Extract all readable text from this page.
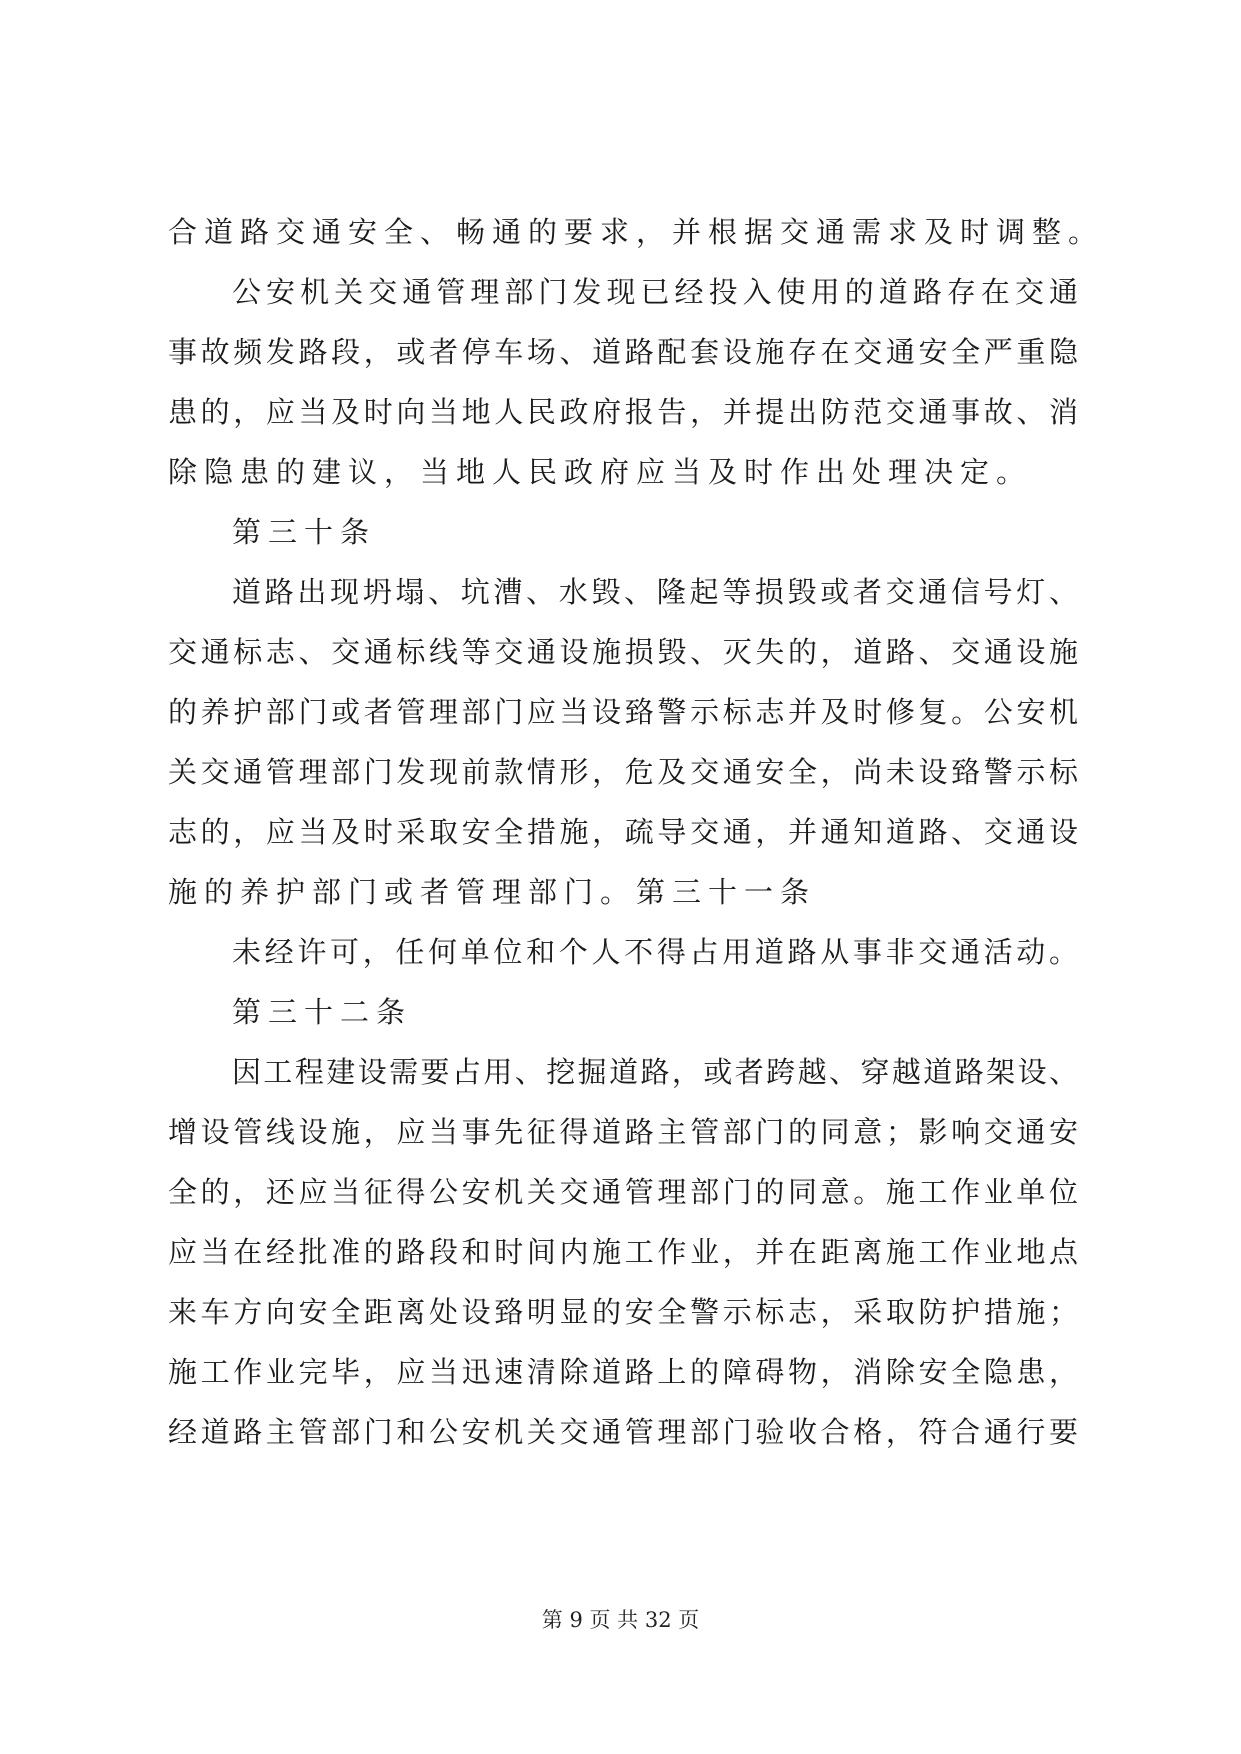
合道路交通安全、畅通的要求，并根据交通需求及时调整。
公安机关交通管理部门发现已经投入使用的道路存在交通
事故频发路段，或者停车场、道路配套设施存在交通安全严重隐
患的，应当及时向当地人民政府报告，并提出防范交通事故、消
除隐患的建议，当地人民政府应当及时作出处理决定。
第三十条
道路出现坍塌、坑漕、水毁、隆起等损毁或者交通信号灯、
交通标志、交通标线等交通设施损毁、灭失的，道路、交通设施
的养护部门或者管理部门应当设臵警示标志并及时修复。公安机
关交通管理部门发现前款情形，危及交通安全，尚未设臵警示标
志的，应当及时采取安全措施，疏导交通，并通知道路、交通设
施的养护部门或者管理部门。第三十一条
未经许可，任何单位和个人不得占用道路从事非交通活动。
第三十二条
因工程建设需要占用、挖掘道路，或者跨越、穿越道路架设、
增设管线设施，应当事先征得道路主管部门的同意；影响交通安
全的，还应当征得公安机关交通管理部门的同意。施工作业单位
应当在经批准的路段和时间内施工作业，并在距离施工作业地点
来车方向安全距离处设臵明显的安全警示标志，采取防护措施；
施工作业完毕，应当迅速清除道路上的障碍物，消除安全隐患，
经道路主管部门和公安机关交通管理部门验收合格，符合通行要
第 9 页 共 32 页
